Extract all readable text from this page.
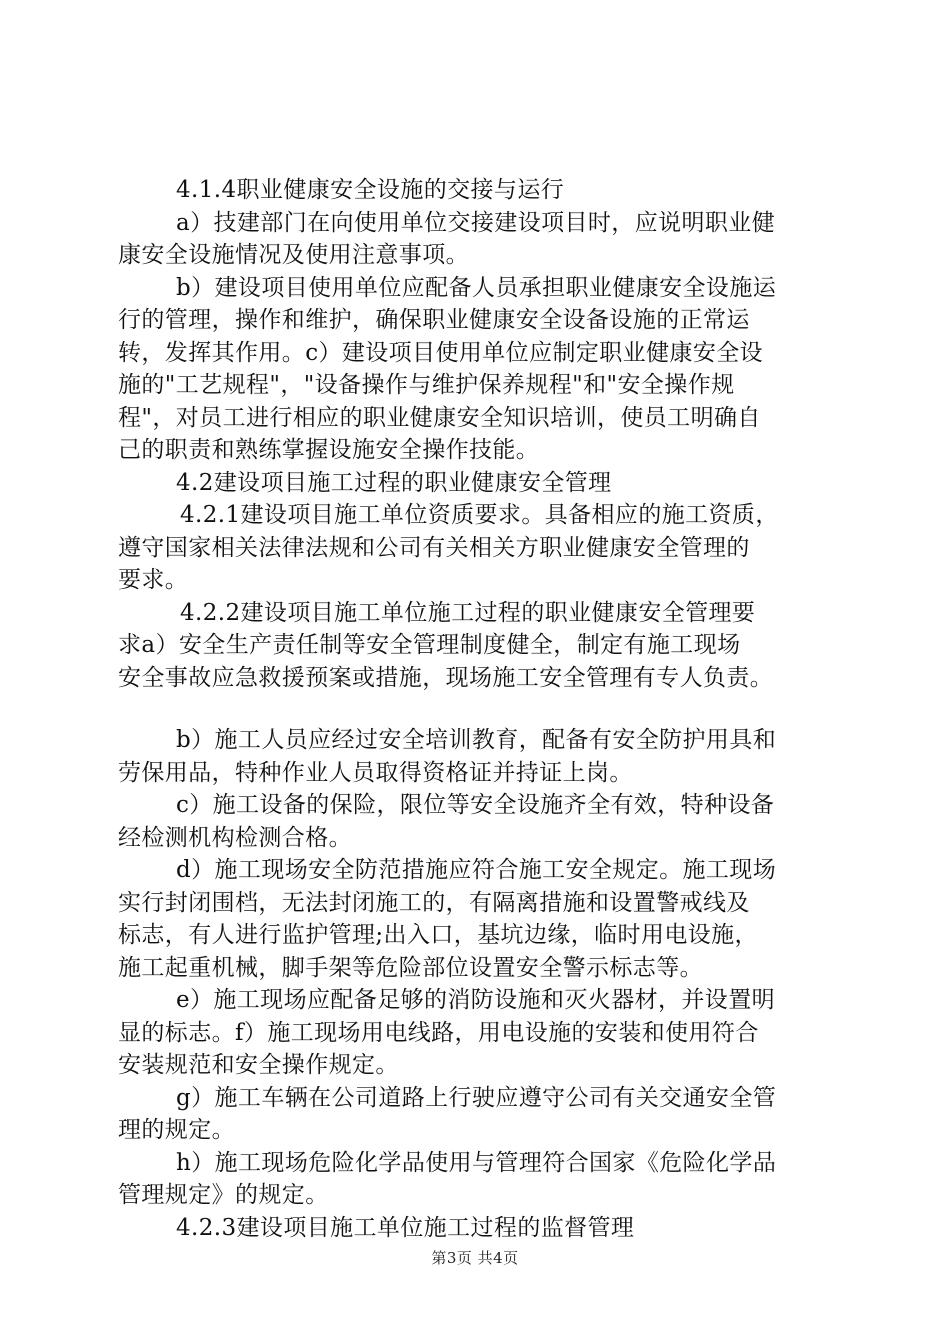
4.1.4职业健康安全设施的交接与运行
a）技建部门在向使用单位交接建设项目时，应说明职业健
康安全设施情况及使用注意事项。
b）建设项目使用单位应配备人员承担职业健康安全设施运
行的管理，操作和维护，确保职业健康安全设备设施的正常运
转，发挥其作用。c）建设项目使用单位应制定职业健康安全设
施的"工艺规程"，"设备操作与维护保养规程"和"安全操作规
程"，对员工进行相应的职业健康安全知识培训，使员工明确自
己的职责和熟练掌握设施安全操作技能。
4.2建设项目施工过程的职业健康安全管理
4.2.1建设项目施工单位资质要求。具备相应的施工资质，
遵守国家相关法律法规和公司有关相关方职业健康安全管理的
要求。
4.2.2建设项目施工单位施工过程的职业健康安全管理要
求a）安全生产责任制等安全管理制度健全，制定有施工现场
安全事故应急救援预案或措施，现场施工安全管理有专人负责。
b）施工人员应经过安全培训教育，配备有安全防护用具和
劳保用品，特种作业人员取得资格证并持证上岗。
c）施工设备的保险，限位等安全设施齐全有效，特种设备
经检测机构检测合格。
d）施工现场安全防范措施应符合施工安全规定。施工现场
实行封闭围档，无法封闭施工的，有隔离措施和设置警戒线及
标志，有人进行监护管理;出入口，基坑边缘，临时用电设施，
施工起重机械，脚手架等危险部位设置安全警示标志等。
e）施工现场应配备足够的消防设施和灭火器材，并设置明
显的标志。f）施工现场用电线路，用电设施的安装和使用符合
安装规范和安全操作规定。
g）施工车辆在公司道路上行驶应遵守公司有关交通安全管
理的规定。
h）施工现场危险化学品使用与管理符合国家《危险化学品
管理规定》的规定。
4.2.3建设项目施工单位施工过程的监督管理
第3页 共4页
